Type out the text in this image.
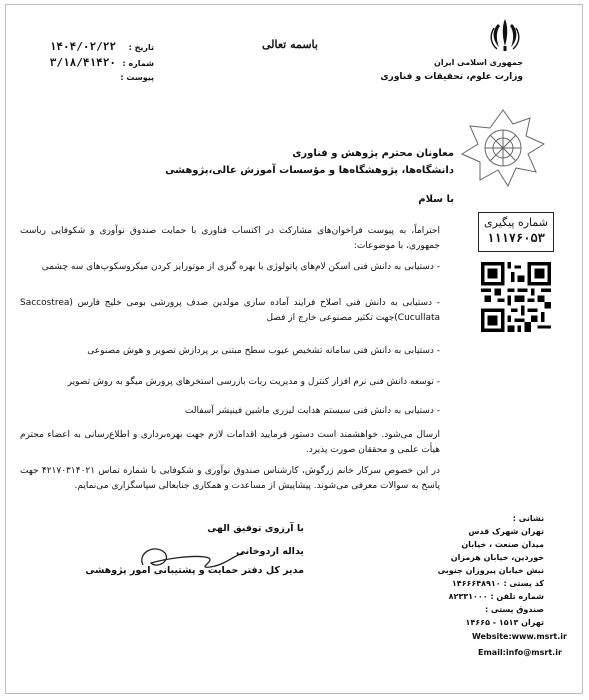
باسمه تعالی
جمهوری اسلامی ایران
وزارت علوم، تحقیقات و فناوری
تاریخ :
۱۴۰۴/۰۲/۲۲
شماره :
۳/۱۸/۴۱۴۲۰
پیوست :
معاونان محترم پژوهش و فناوری
دانشگاه‌ها، پژوهشگاه‌ها و مؤسسات آموزش عالی،پژوهشی
با سلام
احتراماً، به پیوست فراخوان‌های مشارکت در اکتساب فناوری با حمایت صندوق نوآوری و شکوفایی ریاست جمهوری، با موضوعات:
- دستیابی به دانش فنی اسکن لام‌های پاتولوژی با بهره گیری از موتورایز کردن میکروسکوپ‌های سه چشمی
- دستیابی به دانش فنی اصلاح فرایند آماده سازی مولدین صدف پرورشی بومی خلیج فارس (Saccostrea Cucullata)جهت تکثیر مصنوعی خارج از فصل
- دستیابی به دانش فنی سامانه تشخیص عیوب سطح مبتنی بر پردازش تصویر و هوش مصنوعی
- توسعه دانش فنی نرم افزار کنترل و مدیریت ربات بازرسی استخرهای پرورش میگو به روش تصویر
- دستیابی به دانش فنی سیستم هدایت لیزری ماشین فینیشر آسفالت
ارسال می‌شود. خواهشمند است دستور فرمایید اقدامات لازم جهت بهره‌برداری و اطلاع‌رسانی به اعضاء محترم هیأت علمی و محققان صورت پذیرد.
در این خصوص سرکار خانم زرگوش، کارشناس صندوق نوآوری و شکوفایی با شماره تماس ۴۲۱۷۰۳۱۴۰۲۱ جهت پاسخ به سوالات معرفی می‌شوند. پیشاپیش از مساعدت و همکاری جنابعالی سپاسگزاری می‌نمایم.
شماره پیگیری
۱۱۱۷۶۰۵۳
با آرزوی توفیق الهی
یداله اردوخانی
مدیر کل دفتر حمایت و پشتیبانی امور پژوهشی
نشانی :
تهران شهرک قدس
میدان صنعت ، خیابان
خوردین، خیابان هرمزان
نبش خیابان پیروزان جنوبی
کد پستی : ۱۴۶۶۶۴۸۹۱۰
شماره تلفن : ۸۲۳۳۱۰۰۰
صندوق پستی :
تهران ۱۵۱۳ - ۱۴۶۶۵
Website:www.msrt.ir
Email:info@msrt.ir
